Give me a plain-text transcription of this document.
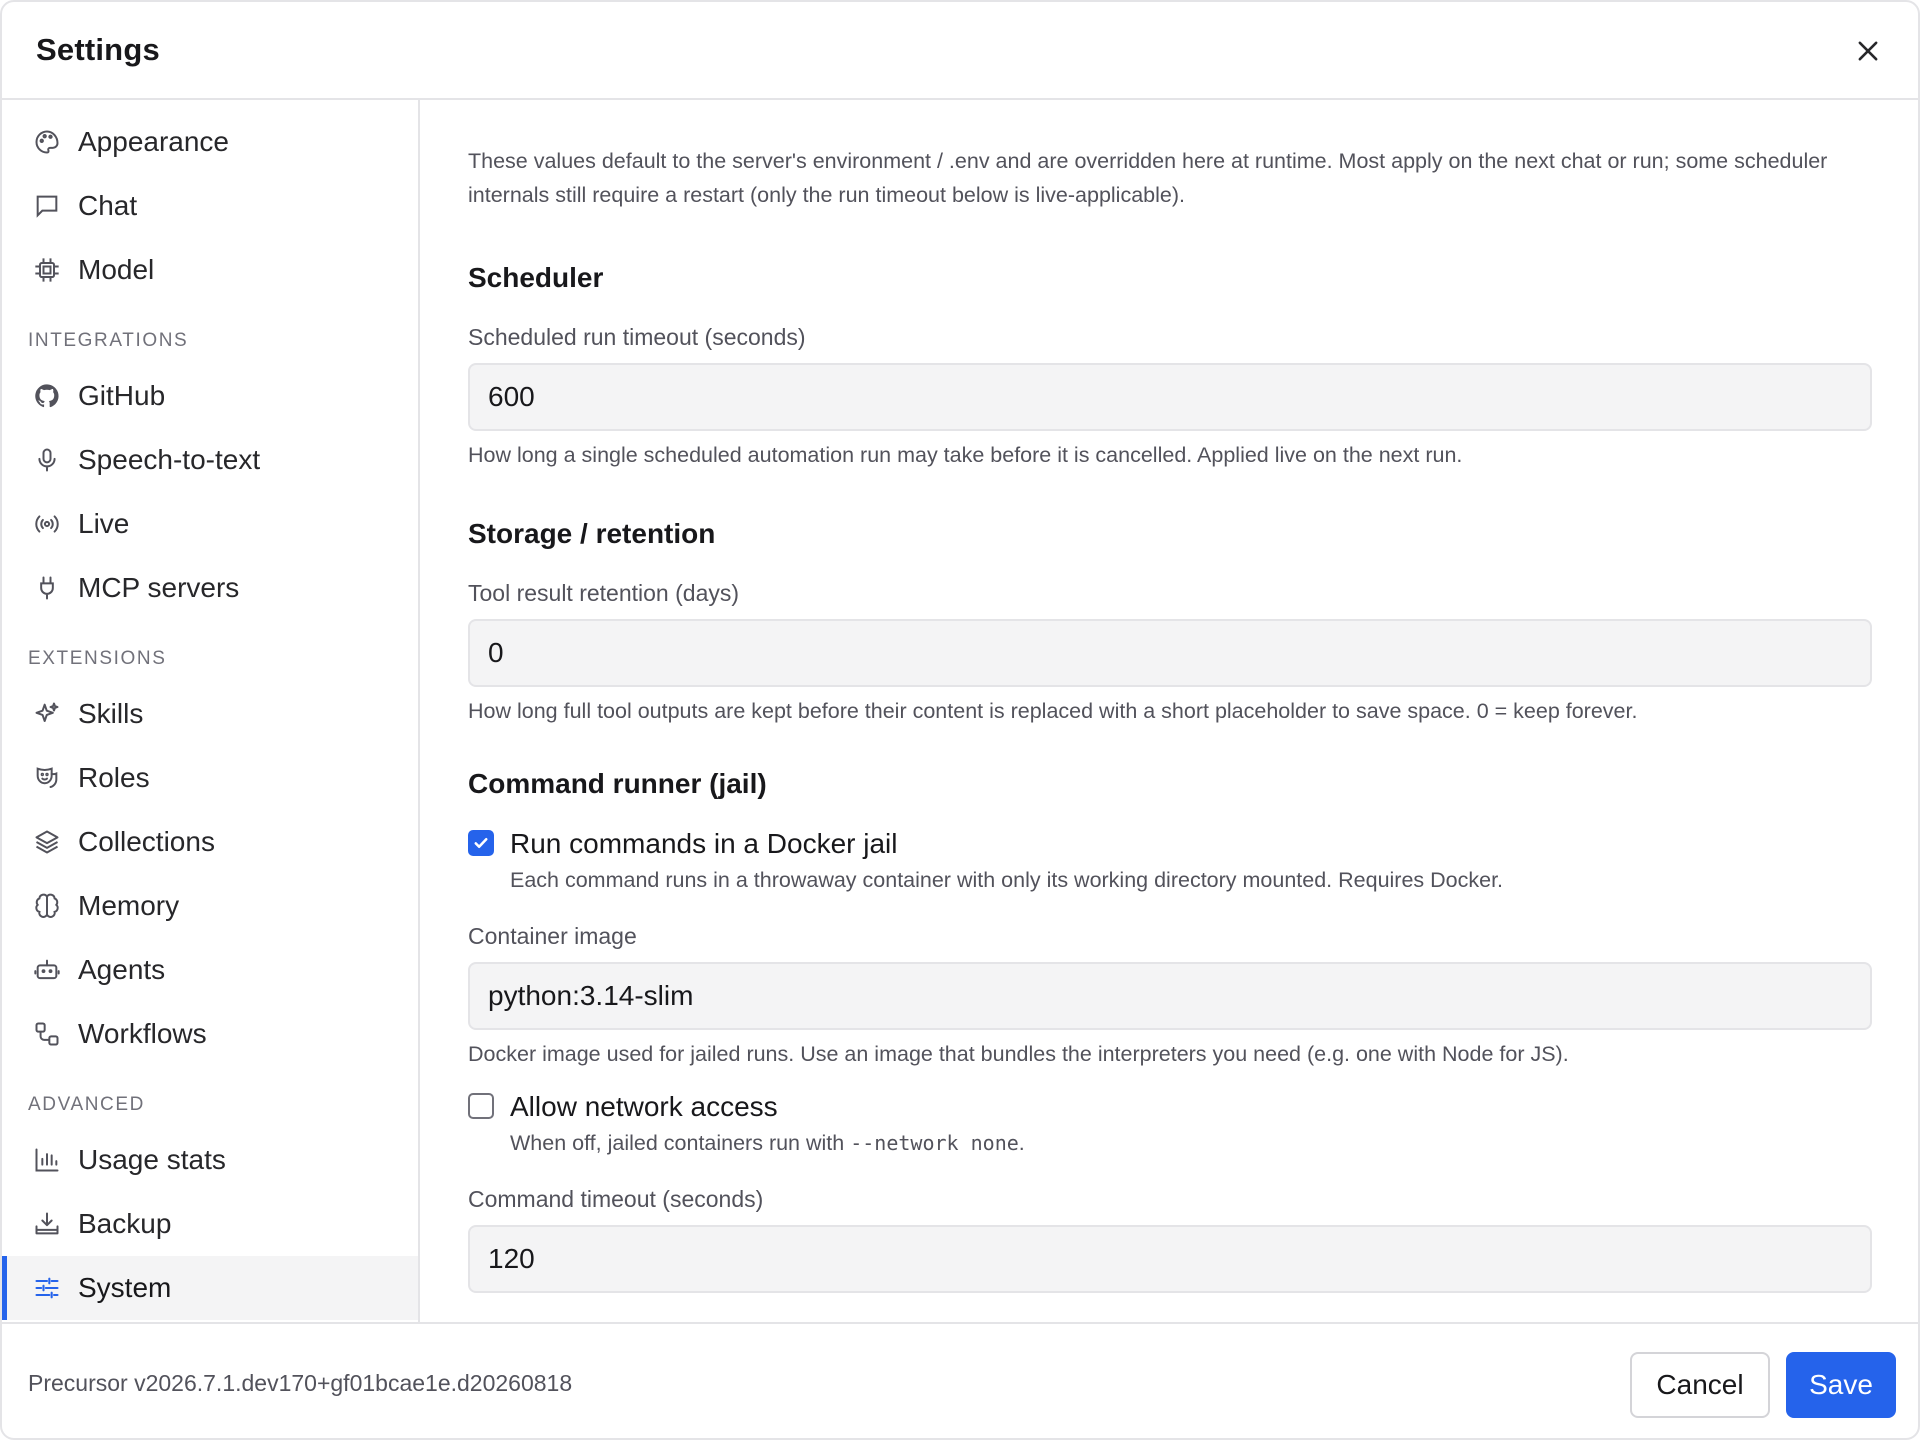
Settings
Appearance
Chat
Model
INTEGRATIONS
GitHub
Speech-to-text
Live
MCP servers
EXTENSIONS
Skills
Roles
Collections
Memory
Agents
Workflows
ADVANCED
Usage stats
Backup
System
These values default to the server's environment / .env and are overridden here at runtime. Most apply on the next chat or run; some scheduler internals still require a restart (only the run timeout below is live-applicable).
Scheduler
Scheduled run timeout (seconds)
600
How long a single scheduled automation run may take before it is cancelled. Applied live on the next run.
Storage / retention
Tool result retention (days)
0
How long full tool outputs are kept before their content is replaced with a short placeholder to save space. 0 = keep forever.
Command runner (jail)
Run commands in a Docker jail
Each command runs in a throwaway container with only its working directory mounted. Requires Docker.
Container image
python:3.14-slim
Docker image used for jailed runs. Use an image that bundles the interpreters you need (e.g. one with Node for JS).
Allow network access
When off, jailed containers run with --network none.
Command timeout (seconds)
120
Precursor v2026.7.1.dev170+gf01bcae1e.d20260818	Cancel	Save
